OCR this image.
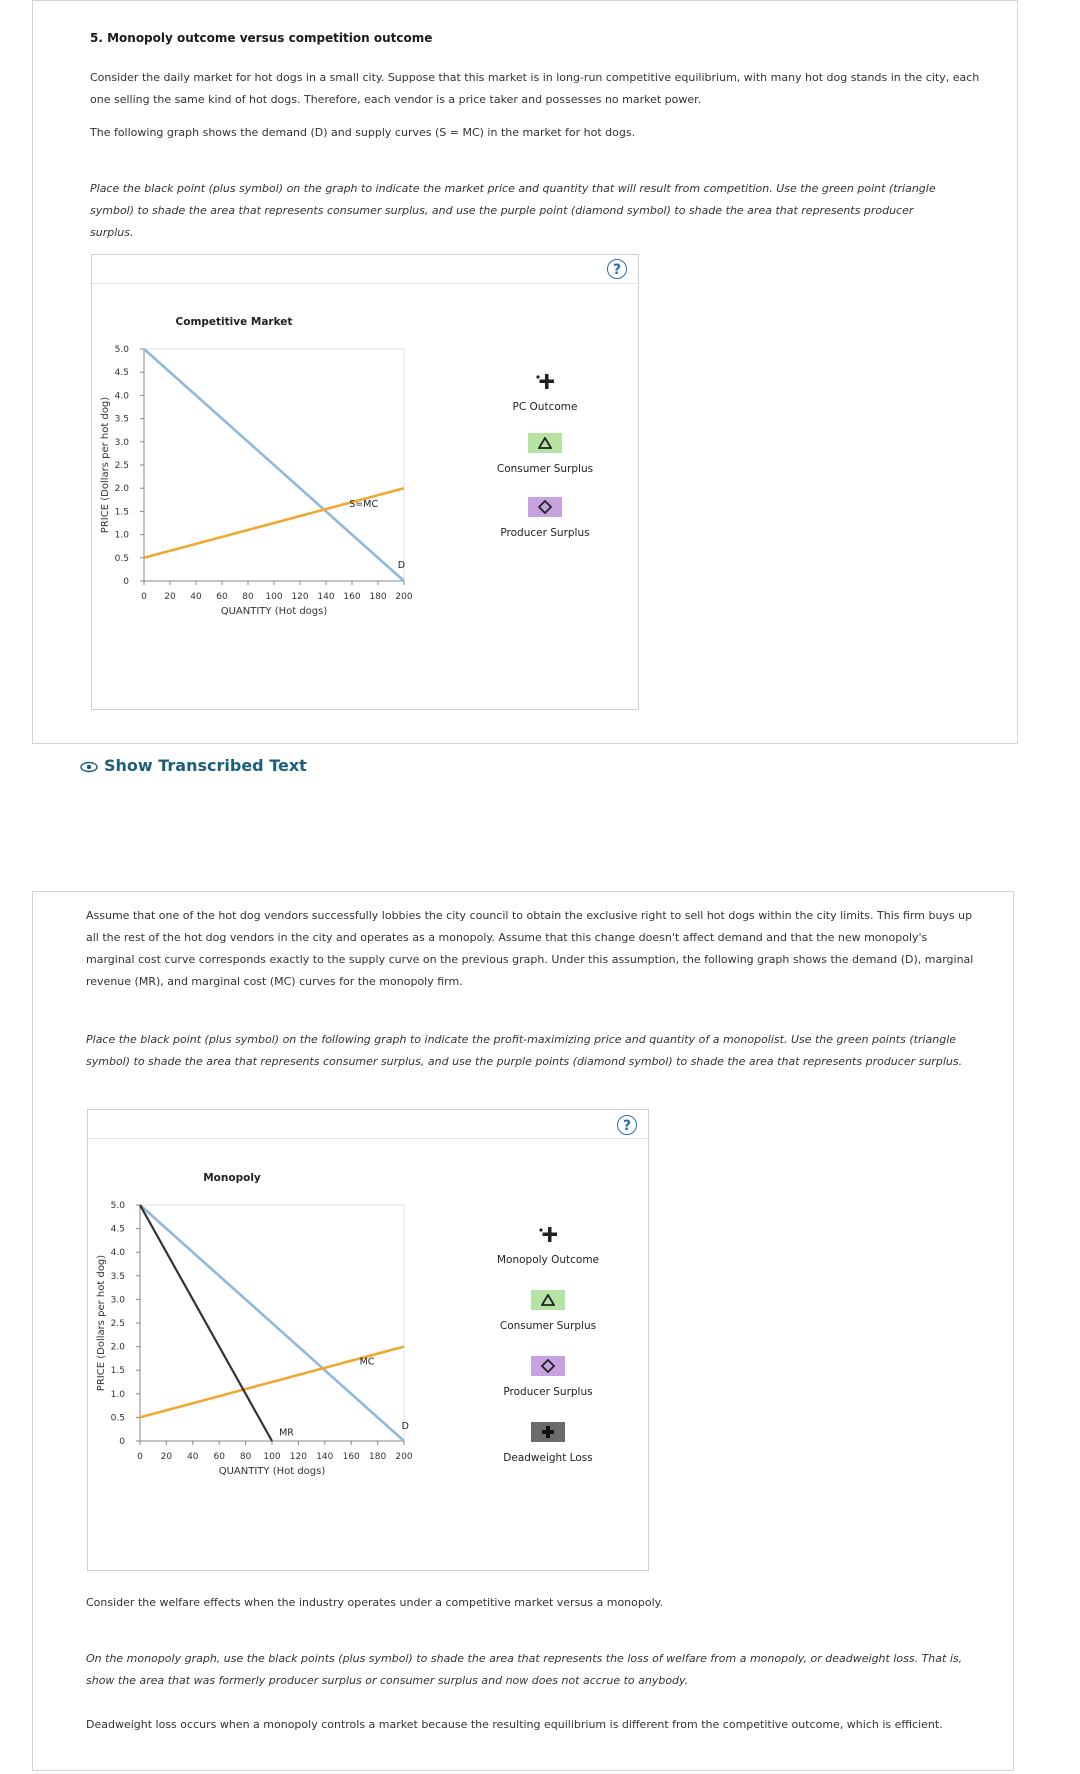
5. Monopoly outcome versus competition outcome
Consider the daily market for hot dogs in a small city. Suppose that this market is in long-run competitive equilibrium, with many hot dog stands in the city, each one selling the same kind of hot dogs. Therefore, each vendor is a price taker and possesses no market power.
The following graph shows the demand (D) and supply curves (S = MC) in the market for hot dogs.
Place the black point (plus symbol) on the graph to indicate the market price and quantity that will result from competition. Use the green point (triangle symbol) to shade the area that represents consumer surplus, and use the purple point (diamond symbol) to shade the area that represents producer surplus.
?
Competitive Market
0
0.5
1.0
1.5
2.0
2.5
3.0
3.5
4.0
4.5
5.0
0 20 40 60 80 100 120 140 160 180 200
QUANTITY (Hot dogs)
PRICE (Dollars per hot dog)
D
S=MC
PC Outcome
Consumer Surplus
Producer Surplus
Show Transcribed Text
Assume that one of the hot dog vendors successfully lobbies the city council to obtain the exclusive right to sell hot dogs within the city limits. This firm buys up all the rest of the hot dog vendors in the city and operates as a monopoly. Assume that this change doesn't affect demand and that the new monopoly's marginal cost curve corresponds exactly to the supply curve on the previous graph. Under this assumption, the following graph shows the demand (D), marginal revenue (MR), and marginal cost (MC) curves for the monopoly firm.
Place the black point (plus symbol) on the following graph to indicate the profit-maximizing price and quantity of a monopolist. Use the green points (triangle symbol) to shade the area that represents consumer surplus, and use the purple points (diamond symbol) to shade the area that represents producer surplus.
?
Monopoly
0
0.5
1.0
1.5
2.0
2.5
3.0
3.5
4.0
4.5
5.0
0 20 40 60 80 100 120 140 160 180 200
QUANTITY (Hot dogs)
PRICE (Dollars per hot dog)
D
MC
MR
Monopoly Outcome
Consumer Surplus
Producer Surplus
Deadweight Loss
Consider the welfare effects when the industry operates under a competitive market versus a monopoly.
On the monopoly graph, use the black points (plus symbol) to shade the area that represents the loss of welfare from a monopoly, or deadweight loss. That is, show the area that was formerly producer surplus or consumer surplus and now does not accrue to anybody.
Deadweight loss occurs when a monopoly controls a market because the resulting equilibrium is different from the competitive outcome, which is efficient.
